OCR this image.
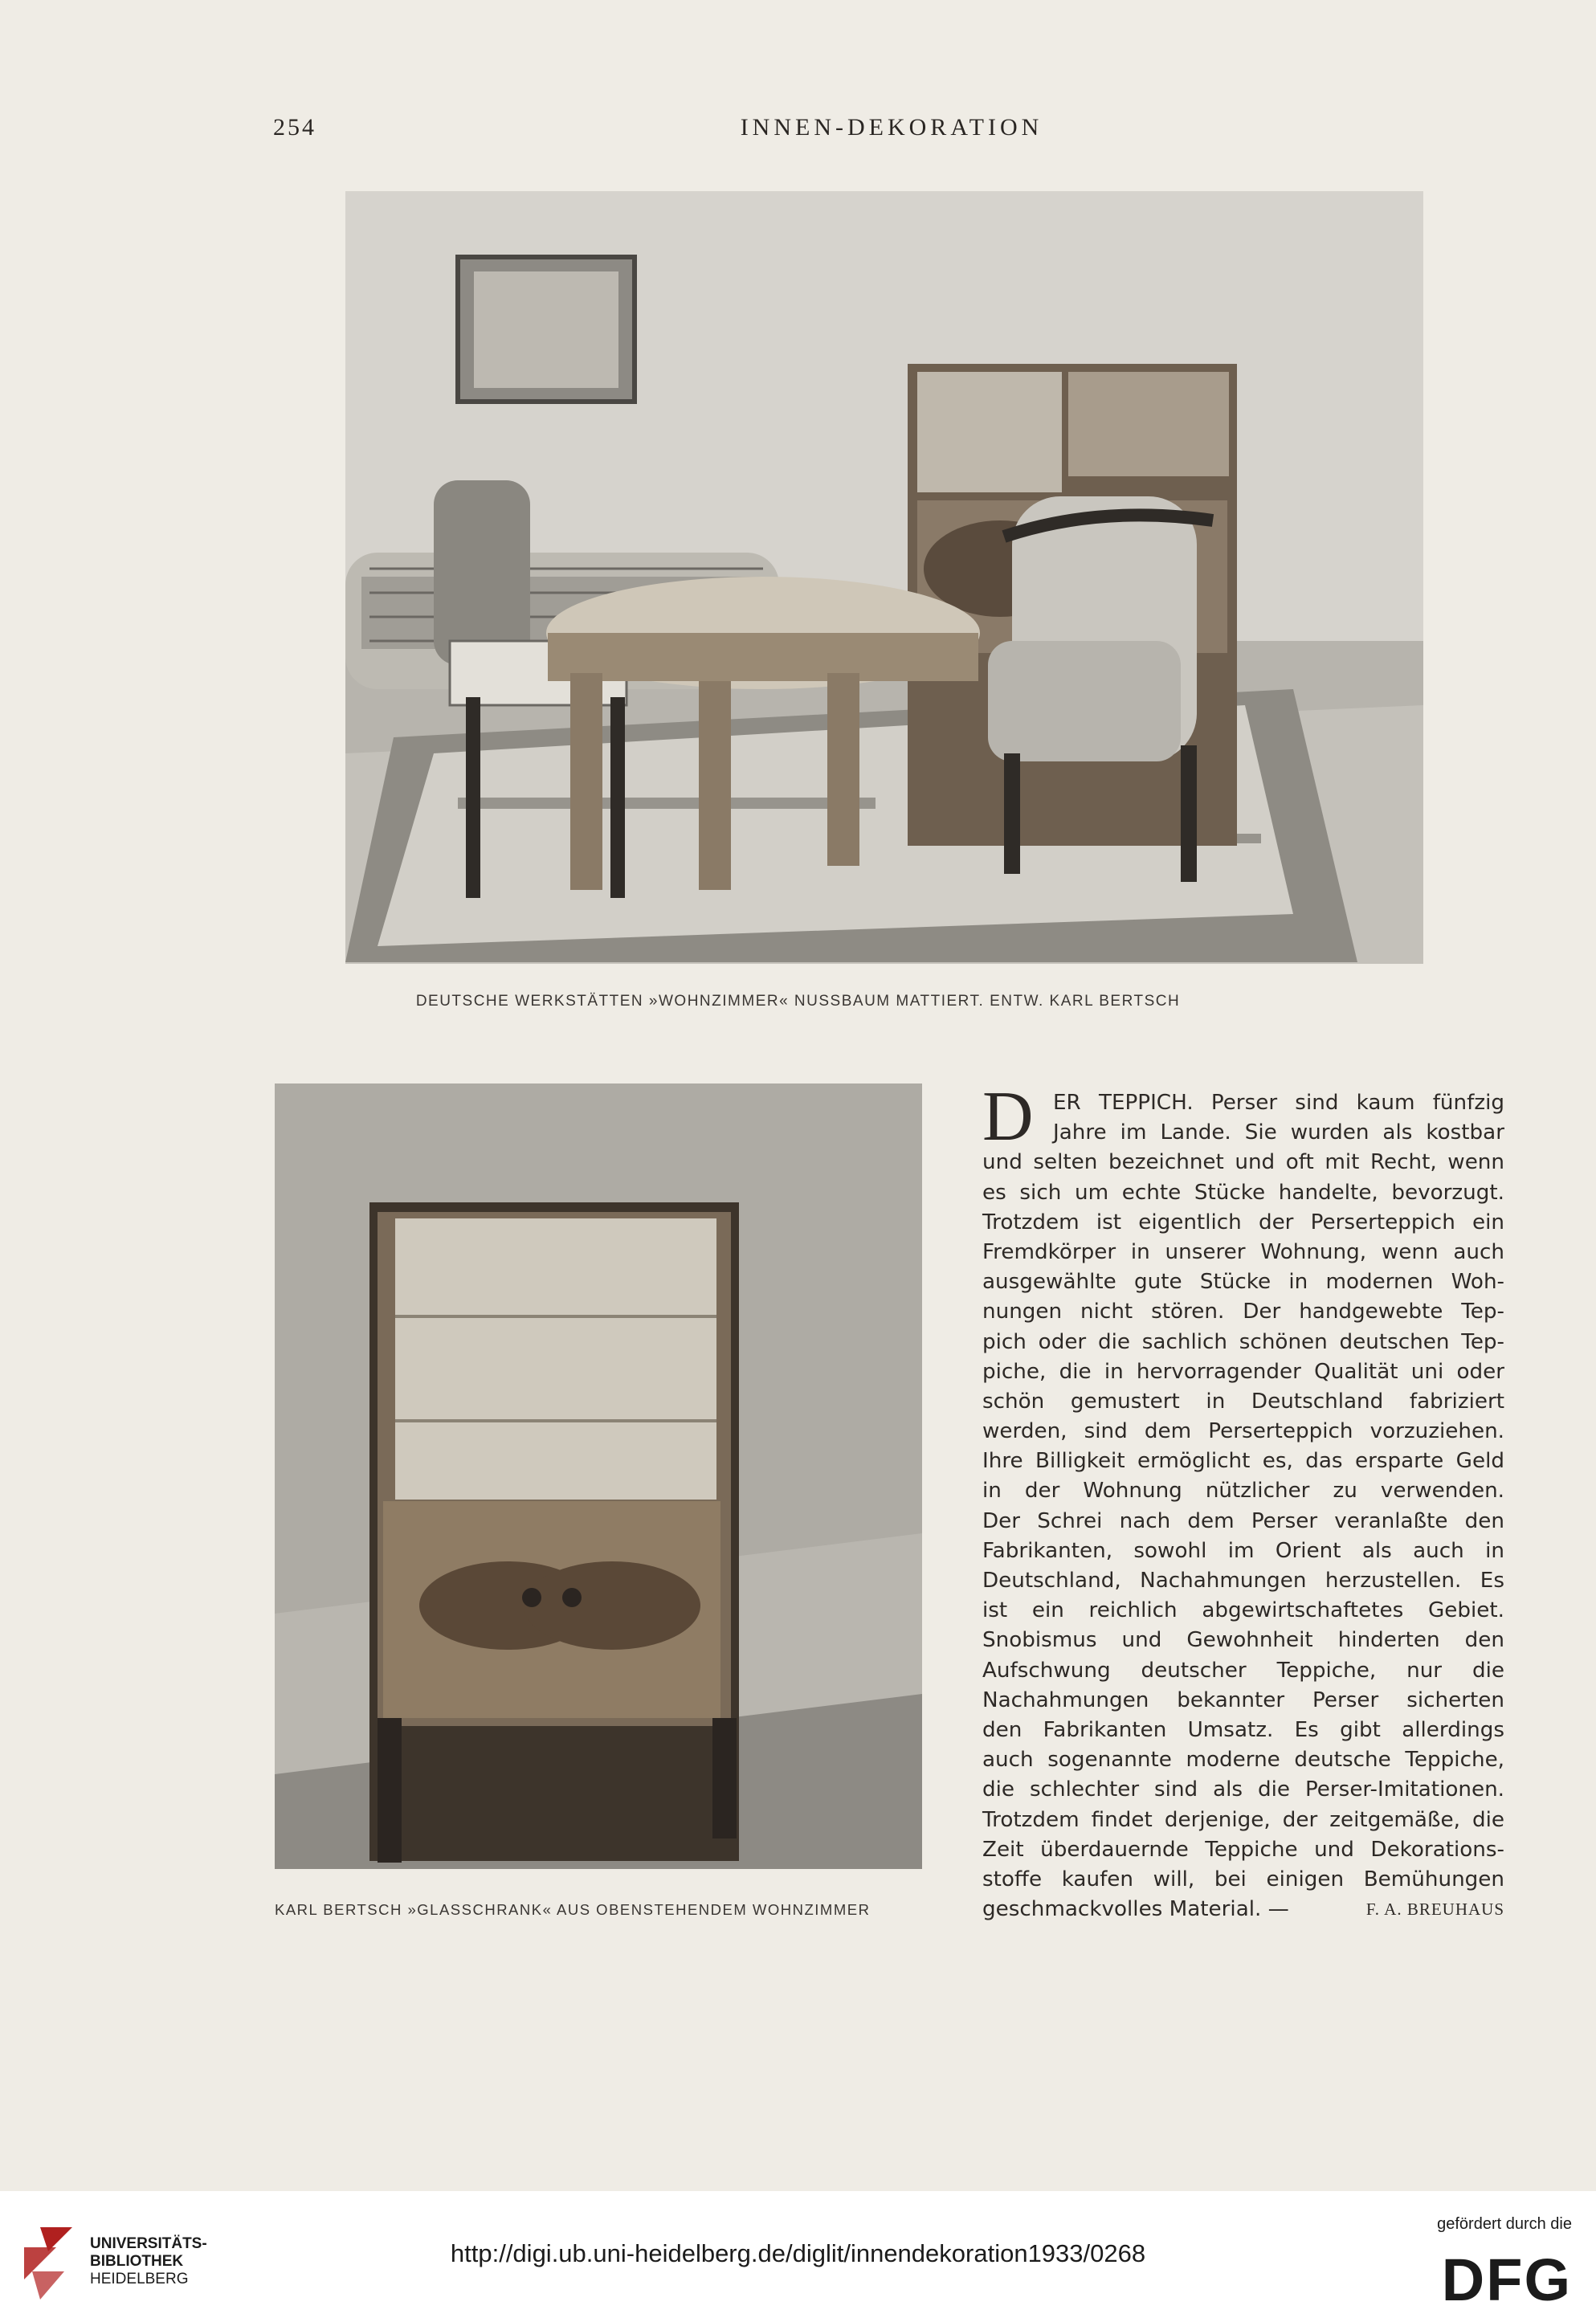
254	INNEN-DEKORATION
DEUTSCHE WERKSTÄTTEN »WOHNZIMMER« NUSSBAUM MATTIERT. ENTW. KARL BERTSCH
KARL BERTSCH »GLASSCHRANK« AUS OBENSTEHENDEM WOHNZIMMER
D ER TEPPICH. Perser sind kaum fünfzig
Jahre im Lande. Sie wurden als kostbar
und selten bezeichnet und oft mit Recht, wenn
es sich um echte Stücke handelte, bevorzugt.
Trotzdem ist eigentlich der Perserteppich ein
Fremdkörper in unserer Wohnung, wenn auch
ausgewählte gute Stücke in modernen Woh-
nungen nicht stören. Der handgewebte Tep-
pich oder die sachlich schönen deutschen Tep-
piche, die in hervorragender Qualität uni oder
schön gemustert in Deutschland fabriziert
werden, sind dem Perserteppich vorzuziehen.
Ihre Billigkeit ermöglicht es, das ersparte Geld
in der Wohnung nützlicher zu verwenden.
Der Schrei nach dem Perser veranlaßte den
Fabrikanten, sowohl im Orient als auch in
Deutschland, Nachahmungen herzustellen. Es
ist ein reichlich abgewirtschaftetes Gebiet.
Snobismus und Gewohnheit hinderten den
Aufschwung deutscher Teppiche, nur die
Nachahmungen bekannter Perser sicherten
den Fabrikanten Umsatz. Es gibt allerdings
auch sogenannte moderne deutsche Teppiche,
die schlechter sind als die Perser-Imitationen.
Trotzdem findet derjenige, der zeitgemäße, die
Zeit überdauernde Teppiche und Dekorations-
stoffe kaufen will, bei einigen Bemühungen
geschmackvolles Material. —	F. A. BREUHAUS
UNIVERSITÄTS-
BIBLIOTHEK
HEIDELBERG
http://digi.ub.uni-heidelberg.de/diglit/innendekoration1933/0268
gefördert durch die
DFG
